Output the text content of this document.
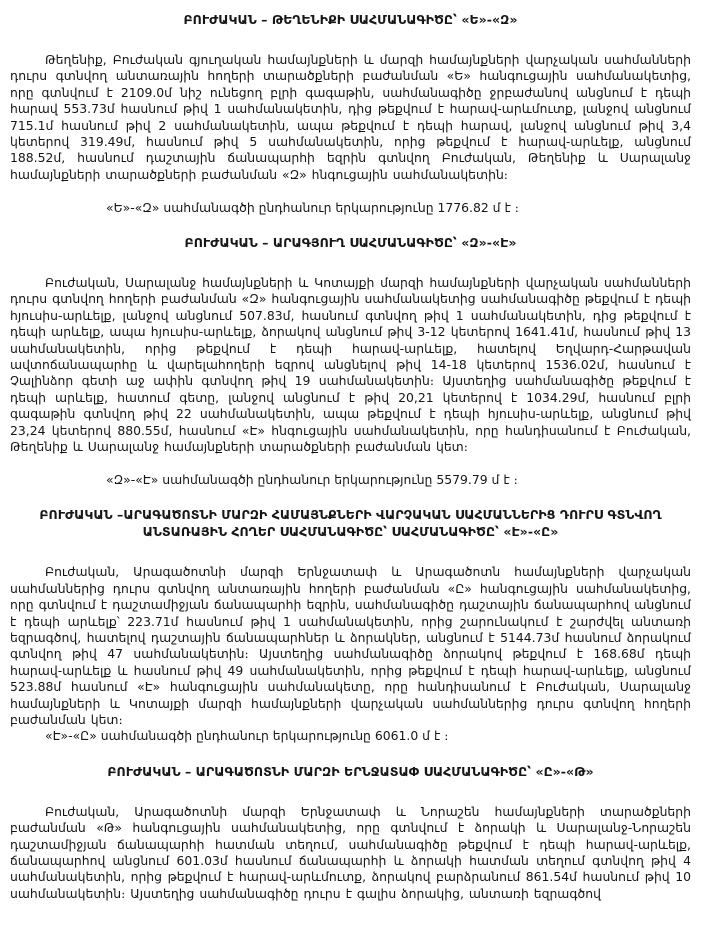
ԲՈՒԺԱԿԱՆ – ԹԵՂԵՆԻՔԻ ՍԱՀՄԱՆԱԳԻԾԸ՝ «Ե»-«Զ»

Թեղենիք, Բուժական գյուղական համայնքների և մարզի համայնքների վարչական սահմանների դուրս գտնվող անտառային հողերի տարածքների բաժանման «Ե» հանգուցային սահմանակետից, որը գտնվում է 2109.0մ նիշ ունեցող բլրի գագաթին, սահմանագիծը ջրբաժանով անցնում է դեպի հարավ 553.73մ հասնում թիվ 1 սահմանակետին, դից թեքվում է հարավ-արևմուտք, լանջով անցնում 715.1մ հասնում թիվ 2 սահմանակետին, ապա թեքվում է դեպի հարավ, լանջով անցնում թիվ 3,4 կետերով 319.49մ, հասնում թիվ 5 սահմանակետին, որից թեքվում է հարավ-արևելք, անցնում 188.52մ, հասնում դաշտային ճանապարհի եզրին գտնվող Բուժական, Թեղենիք և Սարալանջ համայնքների տարածքների բաժանման «Զ» հնգուցային սահմանակետին։

«Ե»-«Զ» սահմանագծի ընդհանուր երկարությունը 1776.82 մ է ։

ԲՈՒԺԱԿԱՆ – ԱՐԱԳՅՈՒՂ ՍԱՀՄԱՆԱԳԻԾԸ՝ «Զ»-«Է»

Բուժական, Սարալանջ համայնքների և Կոտայքի մարզի համայնքների վարչական սահմանների դուրս գտնվող հողերի բաժանման «Զ» հանգուցային սահմանակետից սահմանագիծը թեքվում է դեպի հյուսիս-արևելք, լանջով անցնում 507.83մ, հասնում գտնվող թիվ 1 սահմանակետին, դից թեքվում է դեպի արևելք, ապա հյուսիս-արևելք, ձորակով անցնում թիվ 3-12 կետերով 1641.41մ, հասնում թիվ 13 սահմանակետին, որից թեքվում է դեպի հարավ-արևելք, հատելով Եղվարդ-Հարթավան ավտոճանապարհը և վարելահողերի եզրով անցնելով թիվ 14-18 կետերով 1536.02մ, հասնում է Չալինձոր գետի աջ ափին գտնվող թիվ 19 սահմանակետին։ Այստեղից սահմանագիծը թեքվում է դեպի արևելք, հատում գետը, լանջով անցնում է թիվ 20,21 կետերով է 1034.29մ, հասնում բլրի գագաթին գտնվող թիվ 22 սահմանակետին, ապա թեքվում է դեպի հյուսիս-արևելք, անցնում թիվ 23,24 կետերով 880.55մ, հասնում «Է» հնգուցային սահմանակետին, որը հանդիսանում է Բուժական, Թեղենիք և Սարալանջ համայնքների տարածքների բաժանման կետ։

«Զ»-«Է» սահմանագծի ընդհանուր երկարությունը 5579.79 մ է ։

ԲՈՒԺԱԿԱՆ –ԱՐԱԳԱԾՈՏՆԻ ՄԱՐԶԻ ՀԱՄԱՅՆՔՆԵՐԻ ՎԱՐՉԱԿԱՆ ՍԱՀՄԱՆՆԵՐԻՑ ԴՈՒՐՍ ԳՏՆՎՈՂ ԱՆՏԱՌԱՅԻՆ ՀՈՂԵՐ ՍԱՀՄԱՆԱԳԻԾԸ՝ ՍԱՀՄԱՆԱԳԻԾԸ՝ «Է»-«Ը»

Բուժական, Արագածոտնի մարզի Երնջատափ և Արագածոտն համայնքների վարչական սահմաններից դուրս գտնվող անտառային հողերի բաժանման «Ը» հանգուցային սահմանակետից, որը գտնվում է դաշտամիջյան ճանապարհի եզրին, սահմանագիծը դաշտային ճանապարհով անցնում է դեպի արևելք՝ 223.71մ հասնում թիվ 1 սահմանակետին, որից շարունակում է շարժվել անտառի եզրագծով, հատելով դաշտային ճանապարհներ և ձորակներ, անցնում է 5144.73մ հասնում ձորակում գտնվող թիվ 47 սահմանակետին։ Այստեղից սահմանագիծը ձորակով թեքվում է 168.68մ դեպի հարավ-արևելք և հասնում թիվ 49 սահմանակետին, որից թեքվում է դեպի հարավ-արևելք, անցնում 523.88մ հասնում «Է» հանգուցային սահմանակետը, որը հանդիսանում է Բուժական, Սարալանջ համայնքների և Կոտայքի մարզի համայնքների վարչական սահմաններից դուրս գտնվող հողերի բաժանման կետ։

«Է»-«Ը» սահմանագծի ընդհանուր երկարությունը 6061.0 մ է ։

ԲՈՒԺԱԿԱՆ – ԱՐԱԳԱԾՈՏՆԻ ՄԱՐԶԻ ԵՐՆՋԱՏԱՓ ՍԱՀՄԱՆԱԳԻԾԸ՝ «Ը»-«Թ»

Բուժական, Արագածոտնի մարզի Երնջատափ և Նորաշեն համայնքների տարածքների բաժանման «Թ» հանգուցային սահմանակետից, որը գտնվում է ձորակի և Սարալանջ-Նորաշեն դաշտամիջյան ճանապարհի հատման տեղում, սահմանագիծը թեքվում է դեպի հարավ-արևելք, ճանապարհով անցնում 601.03մ հասնում ճանապարհի և ձորակի հատման տեղում գտնվող թիվ 4 սահմանակետին, որից թեքվում է հարավ-արևմուտք, ձորակով բարձրանում 861.54մ հասնում թիվ 10 սահմանակետին։ Այստեղից սահմանագիծը դուրս է գալիս ձորակից, անտառի եզրագծով
